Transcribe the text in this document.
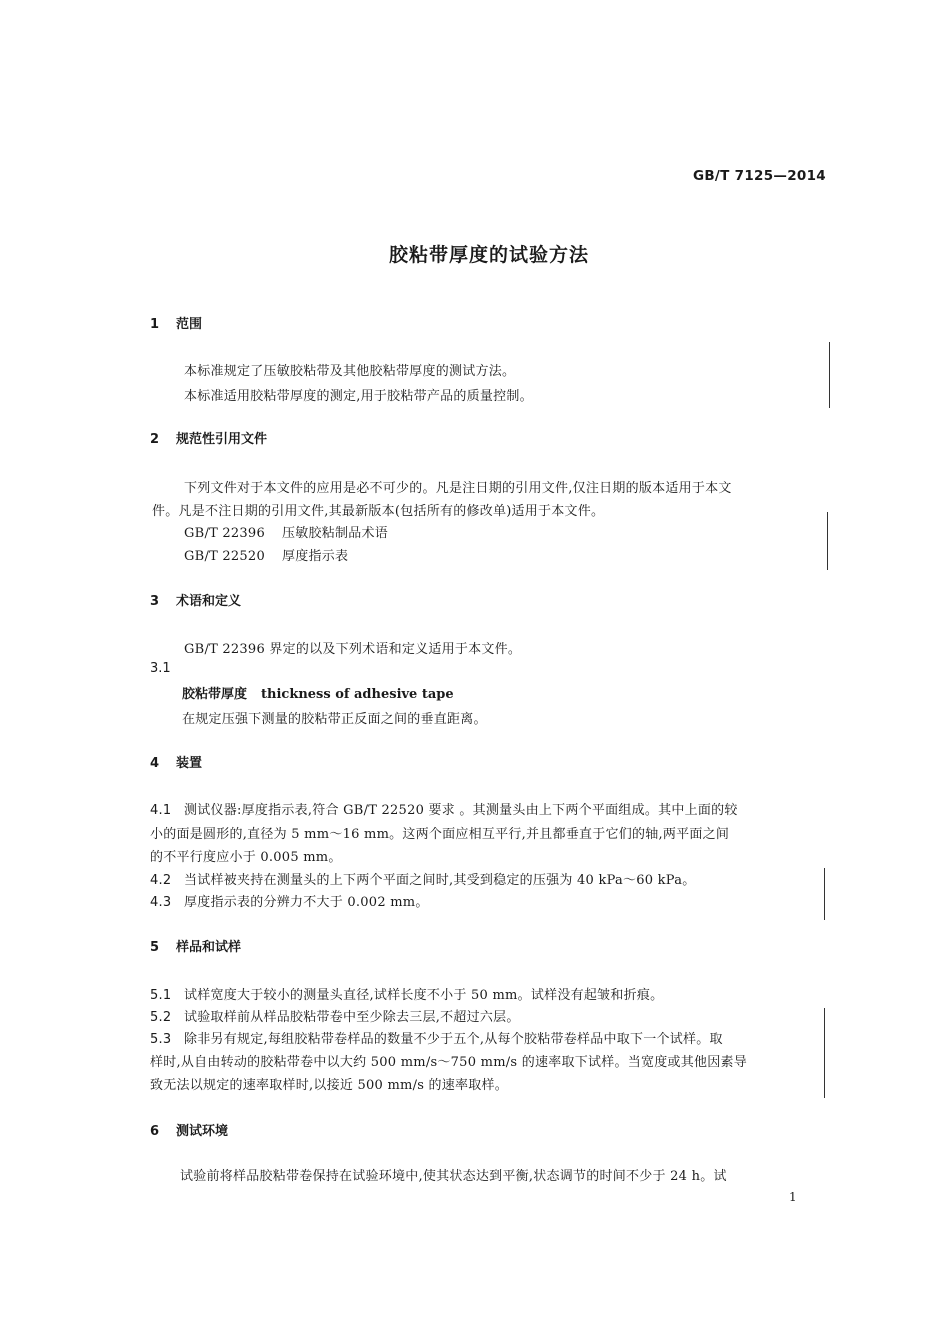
GB/T 7125—2014
胶粘带厚度的试验方法
1 范围
本标准规定了压敏胶粘带及其他胶粘带厚度的测试方法。
本标准适用胶粘带厚度的测定,用于胶粘带产品的质量控制。
2 规范性引用文件
下列文件对于本文件的应用是必不可少的。凡是注日期的引用文件,仅注日期的版本适用于本文
件。凡是不注日期的引用文件,其最新版本(包括所有的修改单)适用于本文件。
GB/T 22396 压敏胶粘制品术语
GB/T 22520 厚度指示表
3 术语和定义
GB/T 22396 界定的以及下列术语和定义适用于本文件。
3.1
胶粘带厚度 thickness of adhesive tape
在规定压强下测量的胶粘带正反面之间的垂直距离。
4 装置
4.1 测试仪器:厚度指示表,符合 GB/T 22520 要求 。其测量头由上下两个平面组成。其中上面的较
小的面是圆形的,直径为 5 mm～16 mm。这两个面应相互平行,并且都垂直于它们的轴,两平面之间
的不平行度应小于 0.005 mm。
4.2 当试样被夹持在测量头的上下两个平面之间时,其受到稳定的压强为 40 kPa～60 kPa。
4.3 厚度指示表的分辨力不大于 0.002 mm。
5 样品和试样
5.1 试样宽度大于较小的测量头直径,试样长度不小于 50 mm。试样没有起皱和折痕。
5.2 试验取样前从样品胶粘带卷中至少除去三层,不超过六层。
5.3 除非另有规定,每组胶粘带卷样品的数量不少于五个,从每个胶粘带卷样品中取下一个试样。取
样时,从自由转动的胶粘带卷中以大约 500 mm/s～750 mm/s 的速率取下试样。当宽度或其他因素导
致无法以规定的速率取样时,以接近 500 mm/s 的速率取样。
6 测试环境
试验前将样品胶粘带卷保持在试验环境中,使其状态达到平衡,状态调节的时间不少于 24 h。试
1
